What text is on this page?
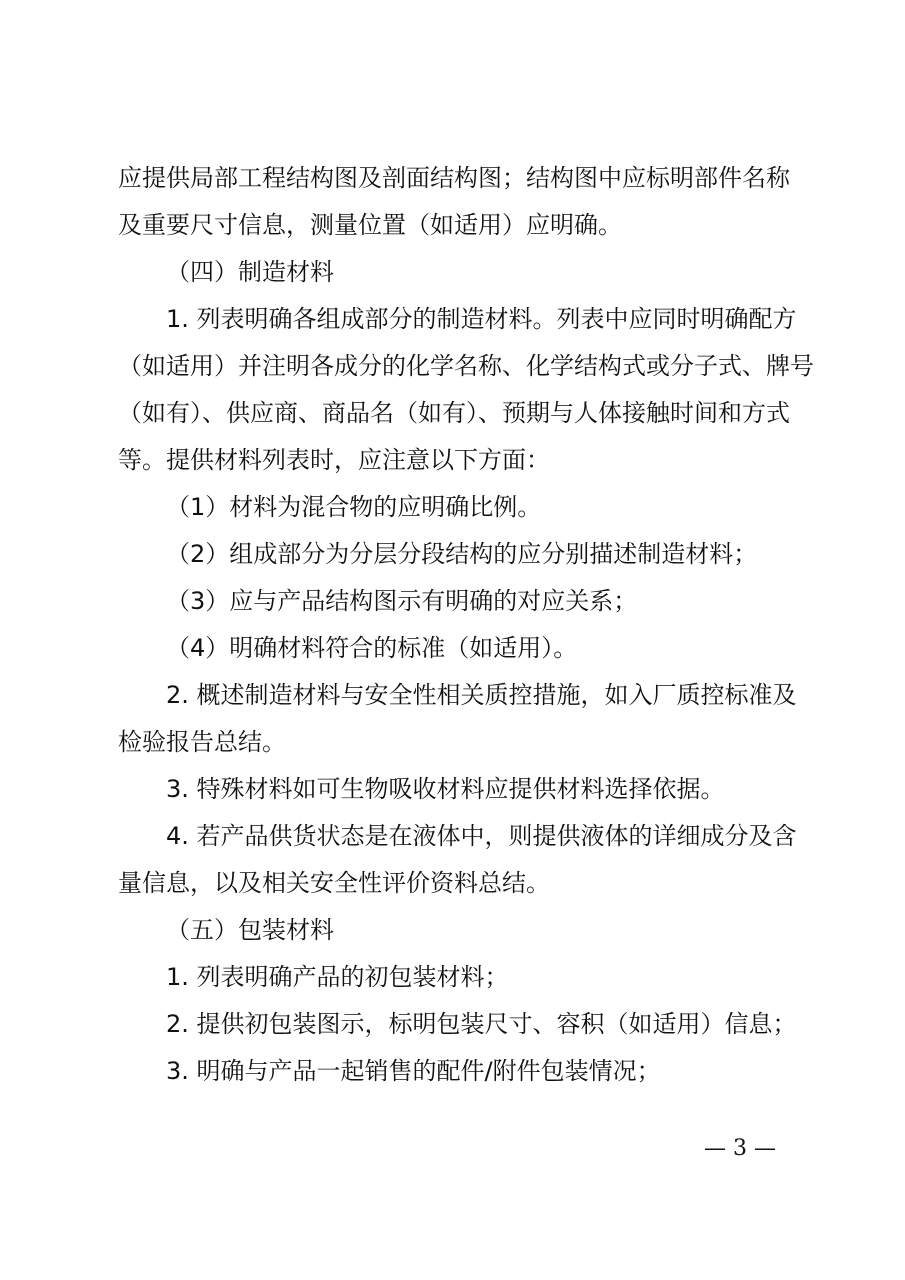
应提供局部工程结构图及剖面结构图；结构图中应标明部件名称
及重要尺寸信息，测量位置（如适用）应明确。
（四）制造材料
1. 列表明确各组成部分的制造材料。列表中应同时明确配方
（如适用）并注明各成分的化学名称、化学结构式或分子式、牌号
（如有）、供应商、商品名（如有）、预期与人体接触时间和方式
等。提供材料列表时，应注意以下方面：
（1）材料为混合物的应明确比例。
（2）组成部分为分层分段结构的应分别描述制造材料；
（3）应与产品结构图示有明确的对应关系；
（4）明确材料符合的标准（如适用）。
2. 概述制造材料与安全性相关质控措施，如入厂质控标准及
检验报告总结。
3. 特殊材料如可生物吸收材料应提供材料选择依据。
4. 若产品供货状态是在液体中，则提供液体的详细成分及含
量信息，以及相关安全性评价资料总结。
（五）包装材料
1. 列表明确产品的初包装材料；
2. 提供初包装图示，标明包装尺寸、容积（如适用）信息；
3. 明确与产品一起销售的配件/附件包装情况；
— 3 —
